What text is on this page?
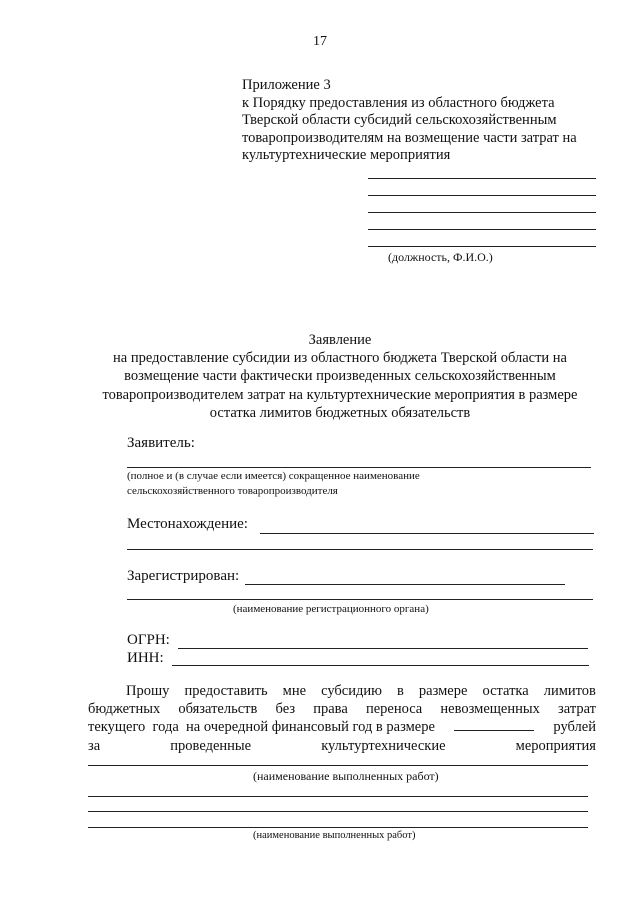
17
Приложение 3
к Порядку предоставления из областного бюджета
Тверской области субсидий сельскохозяйственным
товаропроизводителям на возмещение части затрат на
культуртехнические мероприятия
(должность, Ф.И.О.)
Заявление
на предоставление субсидии из областного бюджета Тверской области на
возмещение части фактически произведенных сельскохозяйственным
товаропроизводителем затрат на культуртехнические мероприятия в размере
остатка лимитов бюджетных обязательств
Заявитель:
(полное и (в случае если имеется) сокращенное наименование
сельскохозяйственного товаропроизводителя
Местонахождение:
Зарегистрирован:
(наименование регистрационного органа)
ОГРН:
ИНН:
Прошу предоставить мне субсидию в размере остатка лимитов
бюджетных обязательств без права переноса невозмещенных затрат
текущего  года  на очередной финансовый год в размере	рублей
за	проведенные	культуртехнические	мероприятия
(наименование выполненных работ)
(наименование выполненных работ)
